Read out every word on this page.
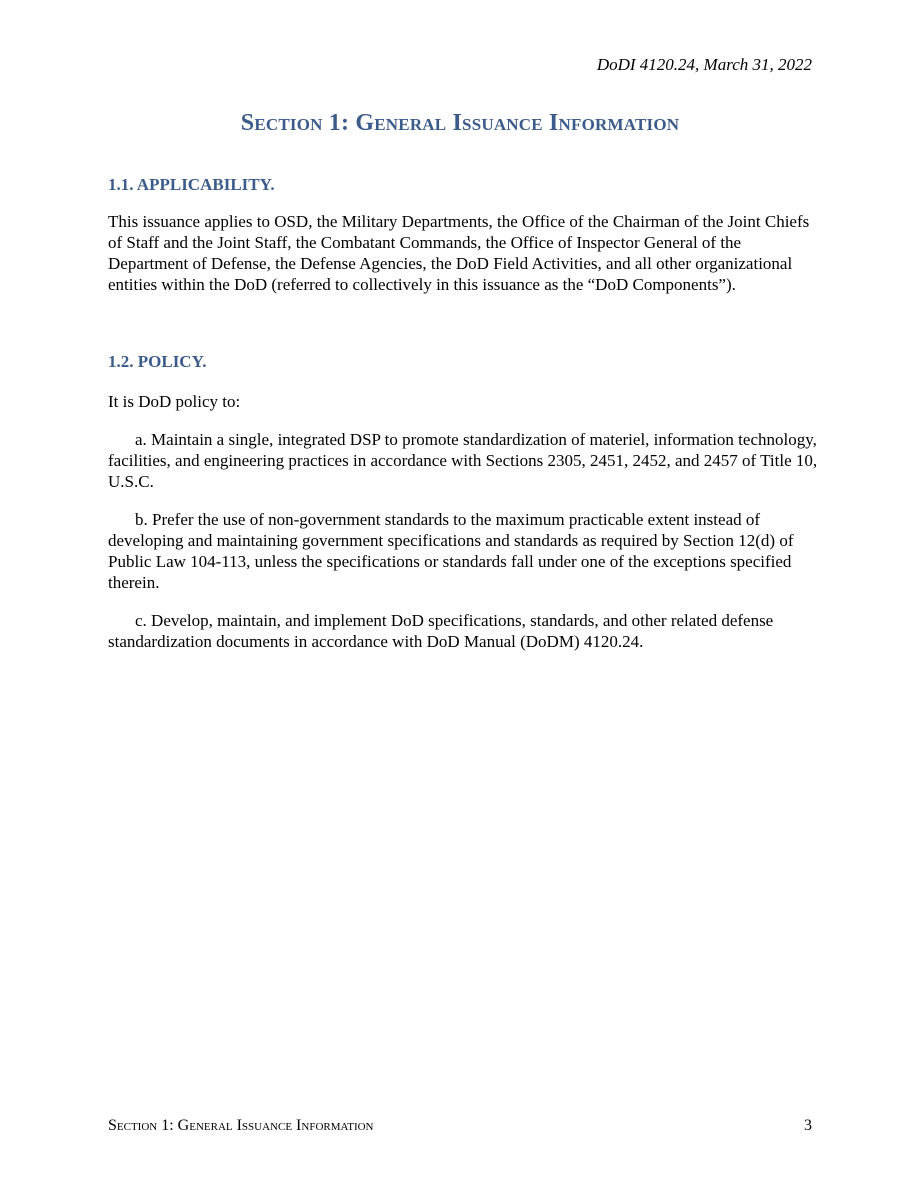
DoDI 4120.24, March 31, 2022
Section 1: General Issuance Information
1.1. APPLICABILITY.
This issuance applies to OSD, the Military Departments, the Office of the Chairman of the Joint Chiefs of Staff and the Joint Staff, the Combatant Commands, the Office of Inspector General of the Department of Defense, the Defense Agencies, the DoD Field Activities, and all other organizational entities within the DoD (referred to collectively in this issuance as the “DoD Components”).
1.2. POLICY.
It is DoD policy to:
a. Maintain a single, integrated DSP to promote standardization of materiel, information technology, facilities, and engineering practices in accordance with Sections 2305, 2451, 2452, and 2457 of Title 10, U.S.C.
b. Prefer the use of non-government standards to the maximum practicable extent instead of developing and maintaining government specifications and standards as required by Section 12(d) of Public Law 104-113, unless the specifications or standards fall under one of the exceptions specified therein.
c. Develop, maintain, and implement DoD specifications, standards, and other related defense standardization documents in accordance with DoD Manual (DoDM) 4120.24.
Section 1: General Issuance Information	3
